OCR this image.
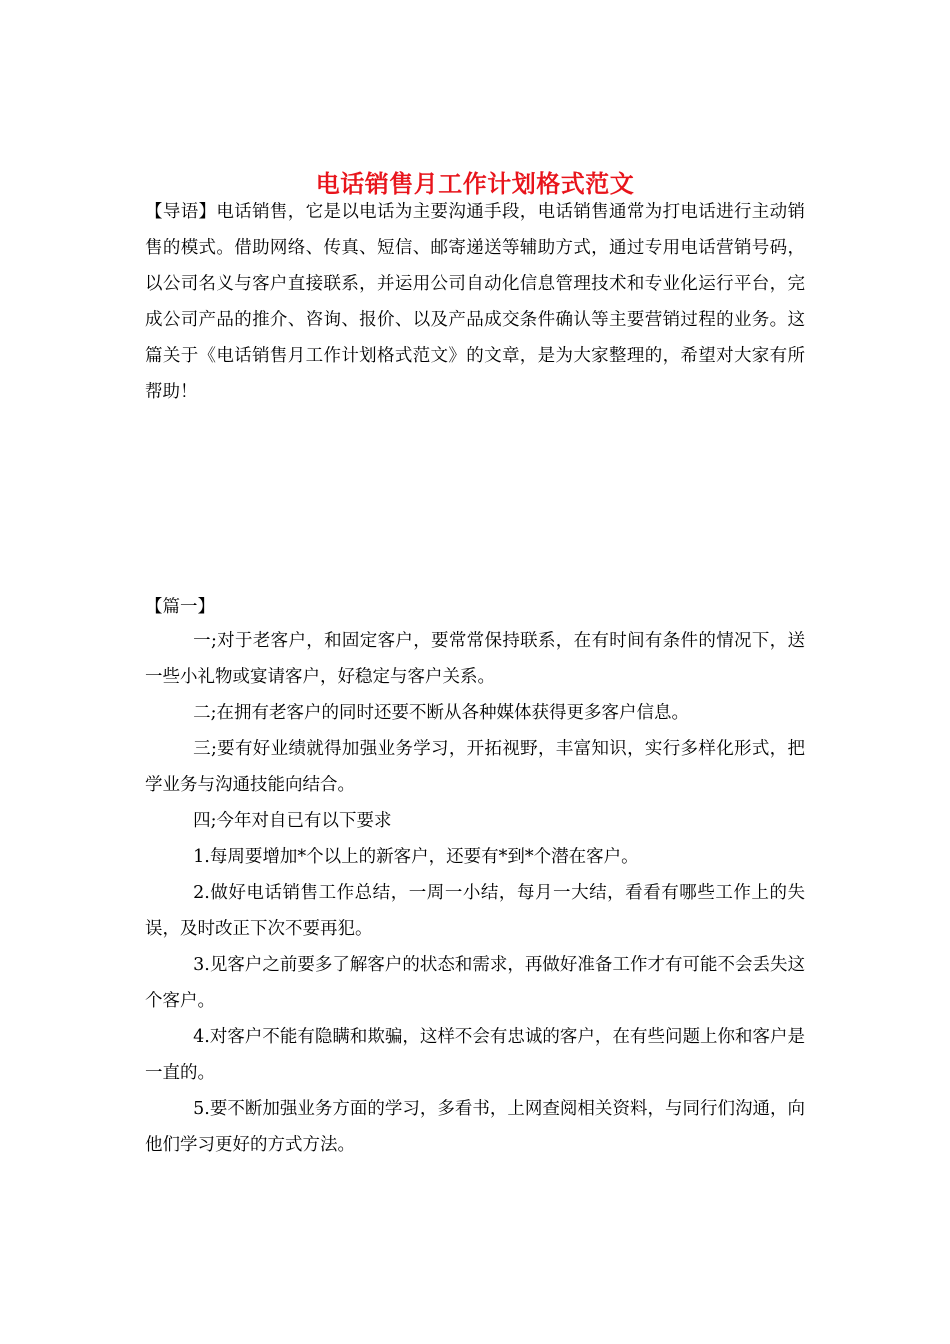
电话销售月工作计划格式范文

【导语】电话销售，它是以电话为主要沟通手段，电话销售通常为打电话进行主动销售的模式。借助网络、传真、短信、邮寄递送等辅助方式，通过专用电话营销号码，以公司名义与客户直接联系，并运用公司自动化信息管理技术和专业化运行平台，完成公司产品的推介、咨询、报价、以及产品成交条件确认等主要营销过程的业务。这篇关于《电话销售月工作计划格式范文》的文章，是为大家整理的，希望对大家有所帮助！

【篇一】

一;对于老客户，和固定客户，要常常保持联系，在有时间有条件的情况下，送一些小礼物或宴请客户，好稳定与客户关系。

二;在拥有老客户的同时还要不断从各种媒体获得更多客户信息。

三;要有好业绩就得加强业务学习，开拓视野，丰富知识，实行多样化形式，把学业务与沟通技能向结合。

四;今年对自已有以下要求

1.每周要增加*个以上的新客户，还要有*到*个潜在客户。

2.做好电话销售工作总结，一周一小结，每月一大结，看看有哪些工作上的失误，及时改正下次不要再犯。

3.见客户之前要多了解客户的状态和需求，再做好准备工作才有可能不会丢失这个客户。

4.对客户不能有隐瞒和欺骗，这样不会有忠诚的客户，在有些问题上你和客户是一直的。

5.要不断加强业务方面的学习，多看书，上网查阅相关资料，与同行们沟通，向他们学习更好的方式方法。
